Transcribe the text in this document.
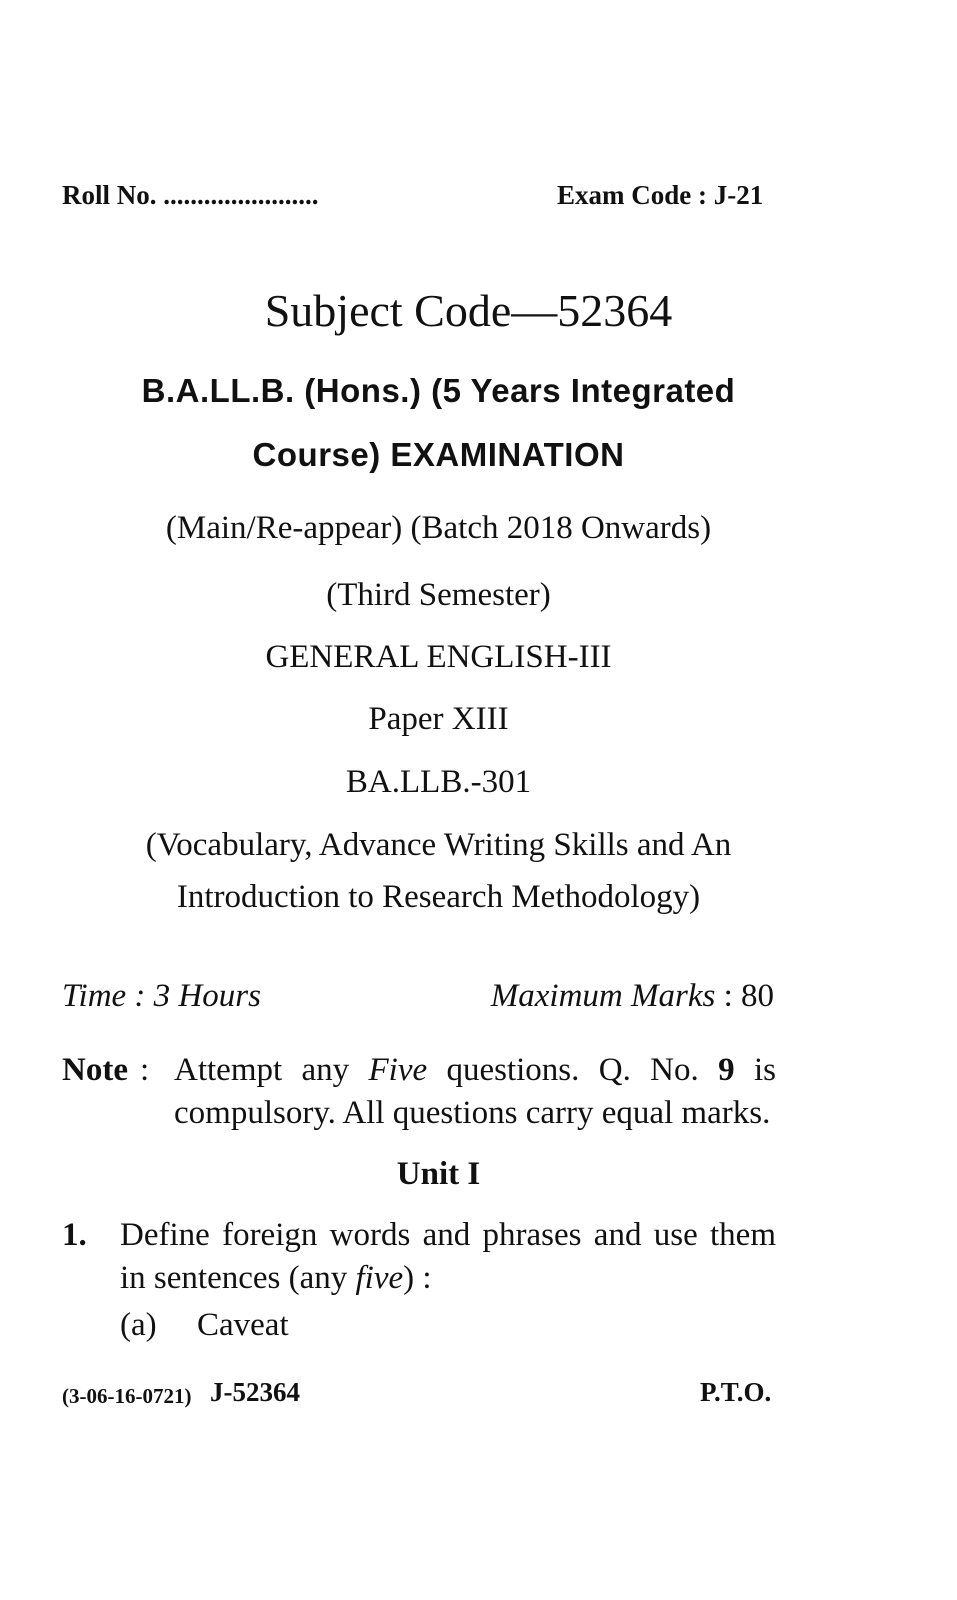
Roll No. .......................	Exam Code : J-21
Subject Code—52364
B.A.LL.B. (Hons.) (5 Years Integrated
Course) EXAMINATION
(Main/Re-appear) (Batch 2018 Onwards)
(Third Semester)
GENERAL ENGLISH-III
Paper XIII
BA.LLB.-301
(Vocabulary, Advance Writing Skills and An
Introduction to Research Methodology)
Time : 3 Hours	Maximum Marks : 80
Note : Attempt any Five questions. Q. No. 9 is
compulsory. All questions carry equal marks.
Unit I
1. Define foreign words and phrases and use them
in sentences (any five) :
(a) Caveat
(3-06-16-0721) J-52364	P.T.O.
